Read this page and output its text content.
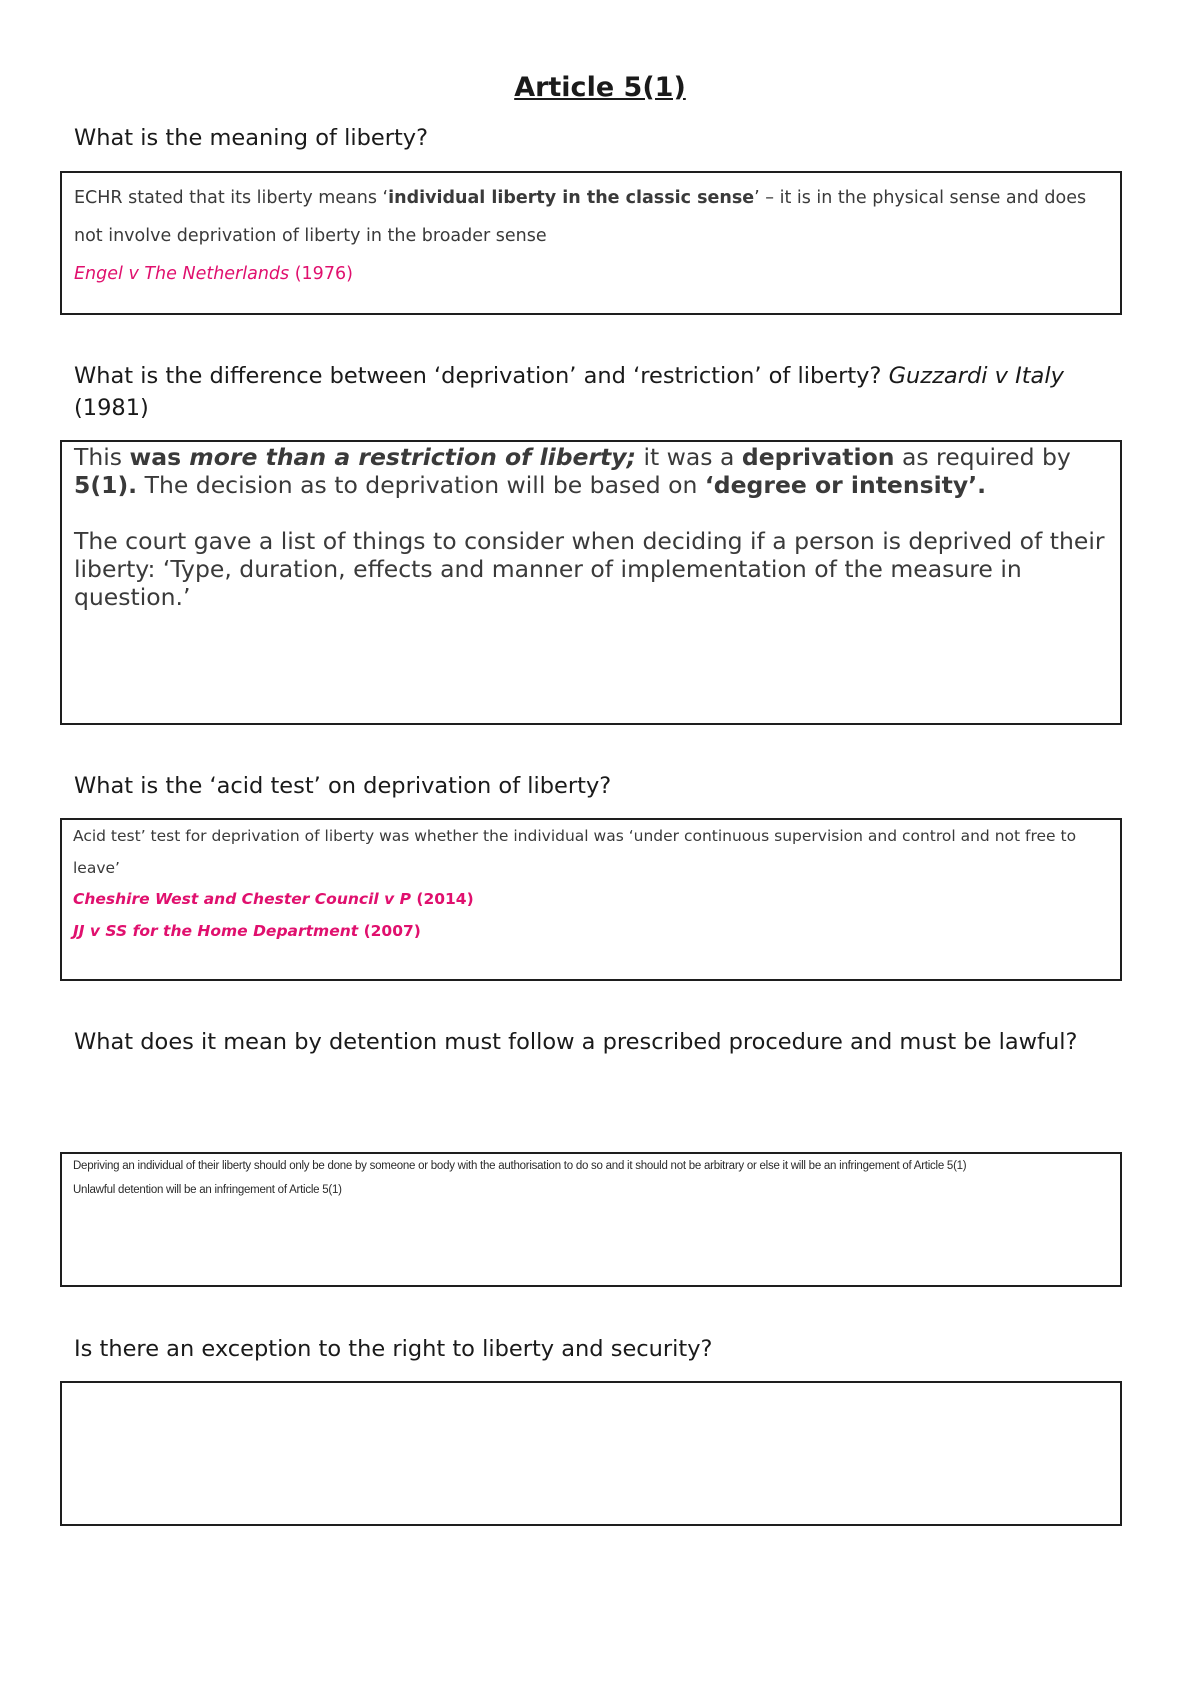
Article 5(1)
What is the meaning of liberty?
ECHR stated that its liberty means ‘individual liberty in the classic sense’ – it is in the physical sense and does not involve deprivation of liberty in the broader sense
Engel v The Netherlands (1976)
What is the difference between ‘deprivation’ and ‘restriction’ of liberty? Guzzardi v Italy (1981)

This was more than a restriction of liberty; it was a deprivation as required by 5(1). The decision as to deprivation will be based on ‘degree or intensity’.

The court gave a list of things to consider when deciding if a person is deprived of their liberty: ‘Type, duration, effects and manner of implementation of the measure in question.’

What is the ‘acid test’ on deprivation of liberty?
Acid test’ test for deprivation of liberty was whether the individual was ‘under continuous supervision and control and not free to leave’
Cheshire West and Chester Council v P (2014)
JJ v SS for the Home Department (2007)
What does it mean by detention must follow a prescribed procedure and must be lawful?
Depriving an individual of their liberty should only be done by someone or body with the authorisation to do so and it should not be arbitrary or else it will be an infringement of Article 5(1)
Unlawful detention will be an infringement of Article 5(1)
Is there an exception to the right to liberty and security?
